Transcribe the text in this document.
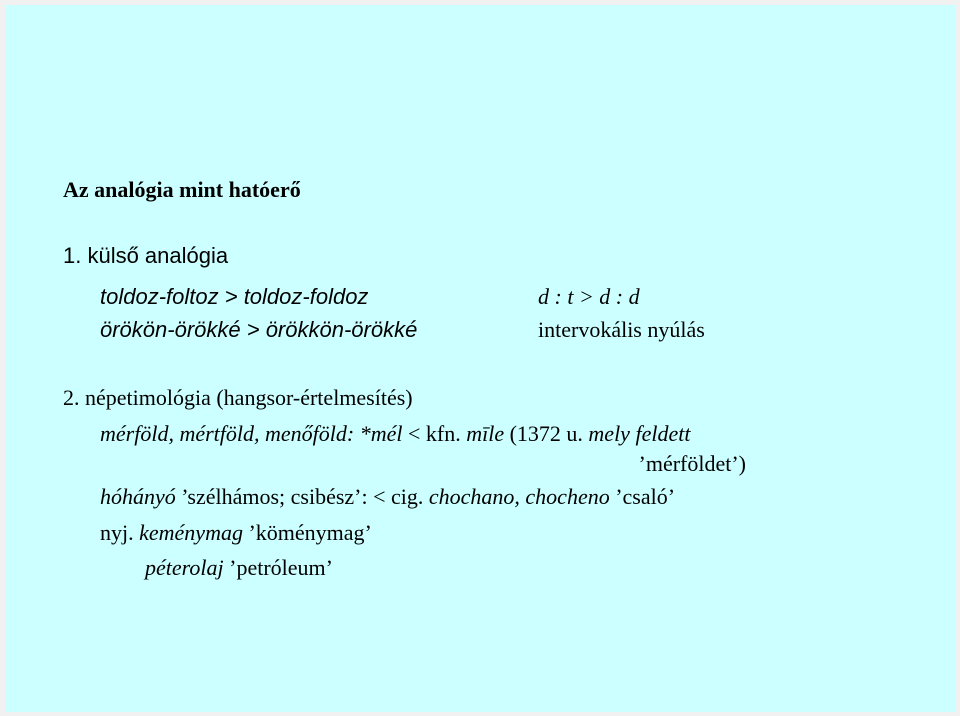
Az analógia mint hatóerő
1. külső analógia
toldoz-foltoz > toldoz-foldoz
örökön-örökké > örökkön-örökké
d : t > d : d
intervokális nyúlás
2. népetimológia (hangsor-értelmesítés)
mérföld, mértföld, menőföld: *mél < kfn. mīle (1372 u. mely feldett
’mérföldet’)
hóhányó ’szélhámos; csibész’: < cig. chochano, chocheno ’csaló’
nyj. keménymag ’köménymag’
péterolaj ’petróleum’
